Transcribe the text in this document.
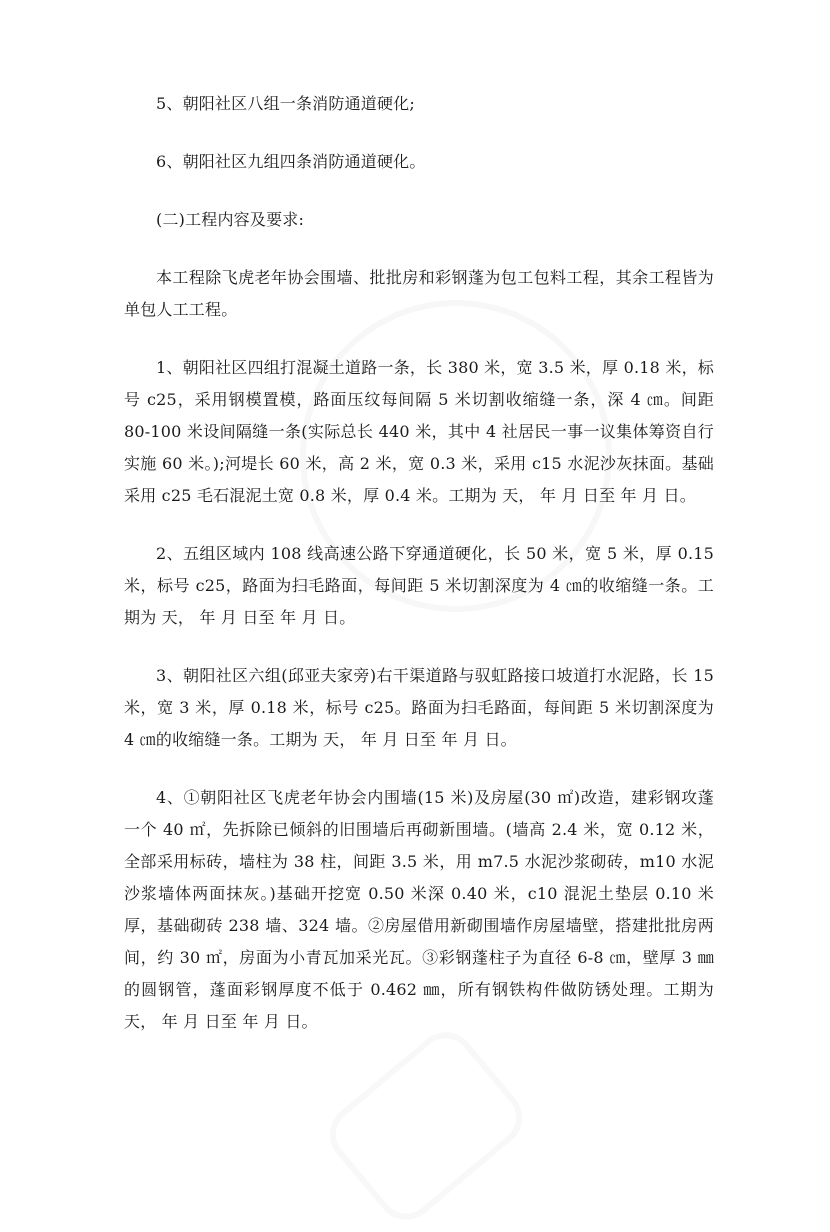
5、朝阳社区八组一条消防通道硬化;

6、朝阳社区九组四条消防通道硬化。

(二)工程内容及要求:

本工程除飞虎老年协会围墙、批批房和彩钢蓬为包工包料工程，其余工程皆为单包人工工程。

1、朝阳社区四组打混凝土道路一条，长 380 米，宽 3.5 米，厚 0.18 米，标号 c25，采用钢模置模，路面压纹每间隔 5 米切割收缩缝一条，深 4 ㎝。间距 80-100 米设间隔缝一条(实际总长 440 米，其中 4 社居民一事一议集体筹资自行实施 60 米。);河堤长 60 米，高 2 米，宽 0.3 米，采用 c15 水泥沙灰抹面。基础采用 c25 毛石混泥土宽 0.8 米，厚 0.4 米。工期为 天， 年 月 日至 年 月 日。

2、五组区域内 108 线高速公路下穿通道硬化，长 50 米，宽 5 米，厚 0.15 米，标号 c25，路面为扫毛路面，每间距 5 米切割深度为 4 ㎝的收缩缝一条。工期为 天， 年 月 日至 年 月 日。

3、朝阳社区六组(邱亚夫家旁)右干渠道路与驭虹路接口坡道打水泥路，长 15 米，宽 3 米，厚 0.18 米，标号 c25。路面为扫毛路面，每间距 5 米切割深度为 4 ㎝的收缩缝一条。工期为 天， 年 月 日至 年 月 日。

4、①朝阳社区飞虎老年协会内围墙(15 米)及房屋(30 ㎡)改造，建彩钢攻蓬一个 40 ㎡，先拆除已倾斜的旧围墙后再砌新围墙。(墙高 2.4 米，宽 0.12 米，全部采用标砖，墙柱为 38 柱，间距 3.5 米，用 m7.5 水泥沙浆砌砖，m10 水泥沙浆墙体两面抹灰。)基础开挖宽 0.50 米深 0.40 米，c10 混泥土垫层 0.10 米厚，基础砌砖 238 墙、324 墙。②房屋借用新砌围墙作房屋墙壁，搭建批批房两间，约 30 ㎡，房面为小青瓦加采光瓦。③彩钢蓬柱子为直径 6-8 ㎝，壁厚 3 ㎜的圆钢管，蓬面彩钢厚度不低于 0.462 ㎜，所有钢铁构件做防锈处理。工期为 天， 年 月 日至 年 月 日。
